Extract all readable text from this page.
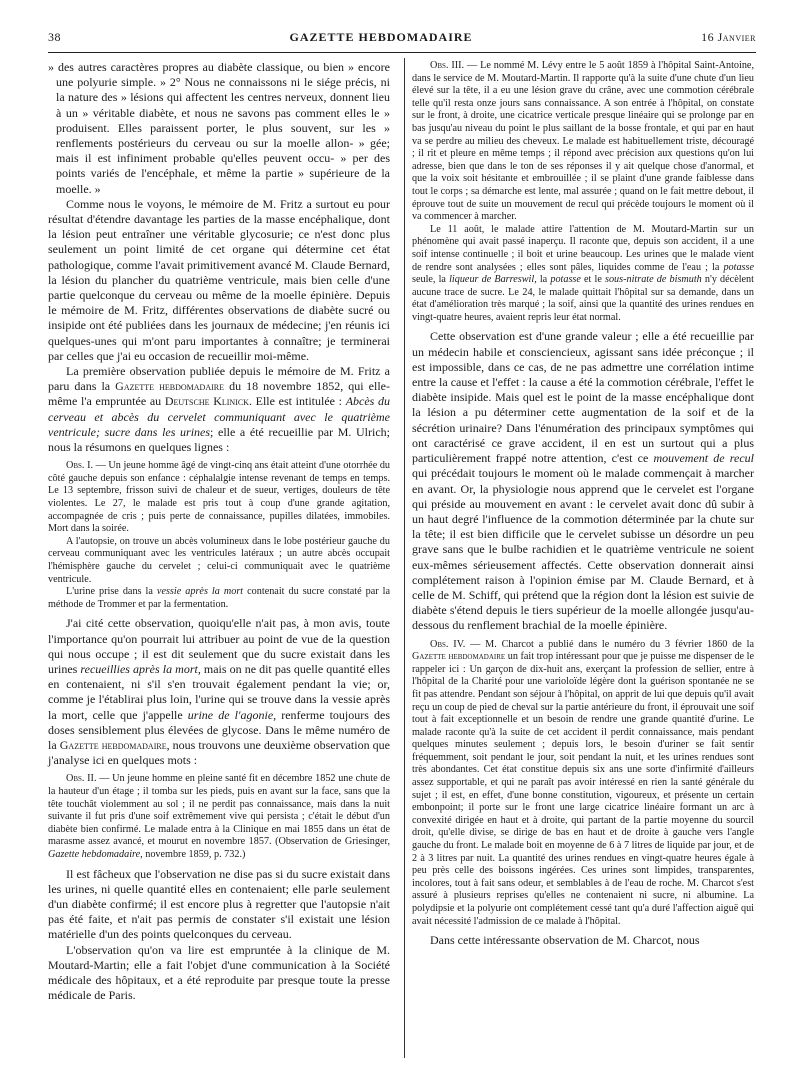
38	GAZETTE HEBDOMADAIRE	16 Janvier

» des autres caractères propres au diabète classique, ou bien » encore une polyurie simple. » 2° Nous ne connaissons ni le siége précis, ni la nature des » lésions qui affectent les centres nerveux, donnent lieu à un » véritable diabète, et nous ne savons pas comment elles le » produisent. Elles paraissent porter, le plus souvent, sur les » renflements postérieurs du cerveau ou sur la moelle allon- » gée; mais il est infiniment probable qu'elles peuvent occu- » per des points variés de l'encéphale, et même la partie » supérieure de la moelle. »

Comme nous le voyons, le mémoire de M. Fritz a surtout eu pour résultat d'étendre davantage les parties de la masse encéphalique, dont la lésion peut entraîner une véritable glycosurie; ce n'est donc plus seulement un point limité de cet organe qui détermine cet état pathologique, comme l'avait primitivement avancé M. Claude Bernard, la lésion du plancher du quatrième ventricule, mais bien celle d'une partie quelconque du cerveau ou même de la moelle épinière. Depuis le mémoire de M. Fritz, différentes observations de diabète sucré ou insipide ont été publiées dans les journaux de médecine; j'en réunis ici quelques-unes qui m'ont paru importantes à connaître; je terminerai par celles que j'ai eu occasion de recueillir moi-même.

La première observation publiée depuis le mémoire de M. Fritz a paru dans la Gazette hebdomadaire du 18 novembre 1852, qui elle-même l'a empruntée au Deutsche Klinick. Elle est intitulée : Abcès du cerveau et abcès du cervelet communiquant avec le quatrième ventricule; sucre dans les urines; elle a été recueillie par M. Ulrich; nous la résumons en quelques lignes :

Obs. I. — Un jeune homme âgé de vingt-cinq ans était atteint d'une otorrhée du côté gauche depuis son enfance : céphalalgie intense revenant de temps en temps. Le 13 septembre, frisson suivi de chaleur et de sueur, vertiges, douleurs de tête violentes. Le 27, le malade est pris tout à coup d'une grande agitation, accompagnée de cris ; puis perte de connaissance, pupilles dilatées, immobiles. Mort dans la soirée.

A l'autopsie, on trouve un abcès volumineux dans le lobe postérieur gauche du cerveau communiquant avec les ventricules latéraux ; un autre abcès occupait l'hémisphère gauche du cervelet ; celui-ci communiquait avec le quatrième ventricule.

L'urine prise dans la vessie après la mort contenait du sucre constaté par la méthode de Trommer et par la fermentation.

J'ai cité cette observation, quoiqu'elle n'ait pas, à mon avis, toute l'importance qu'on pourrait lui attribuer au point de vue de la question qui nous occupe ; il est dit seulement que du sucre existait dans les urines recueillies après la mort, mais on ne dit pas quelle quantité elles en contenaient, ni s'il s'en trouvait également pendant la vie; or, comme je l'établirai plus loin, l'urine qui se trouve dans la vessie après la mort, celle que j'appelle urine de l'agonie, renferme toujours des doses sensiblement plus élevées de glycose. Dans le même numéro de la Gazette hebdomadaire, nous trouvons une deuxième observation que j'analyse ici en quelques mots :

Obs. II. — Un jeune homme en pleine santé fit en décembre 1852 une chute de la hauteur d'un étage ; il tomba sur les pieds, puis en avant sur la face, sans que la tête touchât violemment au sol ; il ne perdit pas connaissance, mais dans la nuit suivante il fut pris d'une soif extrêmement vive qui persista ; c'était le début d'un diabète bien confirmé. Le malade entra à la Clinique en mai 1855 dans un état de marasme assez avancé, et mourut en novembre 1857. (Observation de Griesinger, Gazette hebdomadaire, novembre 1859, p. 732.)

Il est fâcheux que l'observation ne dise pas si du sucre existait dans les urines, ni quelle quantité elles en contenaient; elle parle seulement d'un diabète confirmé; il est encore plus à regretter que l'autopsie n'ait pas été faite, et n'ait pas permis de constater s'il existait une lésion matérielle d'un des points quelconques du cerveau.

L'observation qu'on va lire est empruntée à la clinique de M. Moutard-Martin; elle a fait l'objet d'une communication à la Société médicale des hôpitaux, et a été reproduite par presque toute la presse médicale de Paris.

Obs. III. — Le nommé M. Lévy entre le 5 août 1859 à l'hôpital Saint-Antoine, dans le service de M. Moutard-Martin. Il rapporte qu'à la suite d'une chute d'un lieu élevé sur la tête, il a eu une lésion grave du crâne, avec une commotion cérébrale telle qu'il resta onze jours sans connaissance. A son entrée à l'hôpital, on constate sur le front, à droite, une cicatrice verticale presque linéaire qui se prolonge par en bas jusqu'au niveau du point le plus saillant de la bosse frontale, et qui par en haut va se perdre au milieu des cheveux. Le malade est habituellement triste, découragé ; il rit et pleure en même temps ; il répond avec précision aux questions qu'on lui adresse, bien que dans le ton de ses réponses il y ait quelque chose d'anormal, et que la voix soit hésitante et embrouillée ; il se plaint d'une grande faiblesse dans tout le corps ; sa démarche est lente, mal assurée ; quand on le fait mettre debout, il éprouve tout de suite un mouvement de recul qui précède toujours le moment où il va commencer à marcher.

Le 11 août, le malade attire l'attention de M. Moutard-Martin sur un phénomène qui avait passé inaperçu. Il raconte que, depuis son accident, il a une soif intense continuelle ; il boit et urine beaucoup. Les urines que le malade vient de rendre sont analysées ; elles sont pâles, liquides comme de l'eau ; la potasse seule, la liqueur de Barreswil, la potasse et le sous-nitrate de bismuth n'y décèlent aucune trace de sucre. Le 24, le malade quittait l'hôpital sur sa demande, dans un état d'amélioration très marqué ; la soif, ainsi que la quantité des urines rendues en vingt-quatre heures, avaient repris leur état normal.

Cette observation est d'une grande valeur ; elle a été recueillie par un médecin habile et consciencieux, agissant sans idée préconçue ; il est impossible, dans ce cas, de ne pas admettre une corrélation intime entre la cause et l'effet : la cause a été la commotion cérébrale, l'effet le diabète insipide. Mais quel est le point de la masse encéphalique dont la lésion a pu déterminer cette augmentation de la soif et de la sécrétion urinaire? Dans l'énumération des principaux symptômes qui ont caractérisé ce grave accident, il en est un surtout qui a plus particulièrement frappé notre attention, c'est ce mouvement de recul qui précédait toujours le moment où le malade commençait à marcher en avant. Or, la physiologie nous apprend que le cervelet est l'organe qui préside au mouvement en avant : le cervelet avait donc dû subir à un haut degré l'influence de la commotion déterminée par la chute sur la tête; il est bien difficile que le cervelet subisse un désordre un peu grave sans que le bulbe rachidien et le quatrième ventricule ne soient eux-mêmes sérieusement affectés. Cette observation donnerait ainsi complétement raison à l'opinion émise par M. Claude Bernard, et à celle de M. Schiff, qui prétend que la région dont la lésion est suivie de diabète s'étend depuis le tiers supérieur de la moelle allongée jusqu'au-dessous du renflement brachial de la moelle épinière.

Obs. IV. — M. Charcot a publié dans le numéro du 3 février 1860 de la Gazette hebdomadaire un fait trop intéressant pour que je puisse me dispenser de le rappeler ici : Un garçon de dix-huit ans, exerçant la profession de sellier, entre à l'hôpital de la Charité pour une varioloïde légère dont la guérison spontanée ne se fit pas attendre. Pendant son séjour à l'hôpital, on apprit de lui que depuis qu'il avait reçu un coup de pied de cheval sur la partie antérieure du front, il éprouvait une soif tout à fait exceptionnelle et un besoin de rendre une grande quantité d'urine. Le malade raconte qu'à la suite de cet accident il perdit connaissance, mais pendant quelques minutes seulement ; depuis lors, le besoin d'uriner se fait sentir fréquemment, soit pendant le jour, soit pendant la nuit, et les urines rendues sont très abondantes. Cet état constitue depuis six ans une sorte d'infirmité d'ailleurs assez supportable, et qui ne paraît pas avoir intéressé en rien la santé générale du sujet ; il est, en effet, d'une bonne constitution, vigoureux, et présente un certain embonpoint; il porte sur le front une large cicatrice linéaire formant un arc à convexité dirigée en haut et à droite, qui partant de la partie moyenne du sourcil droit, qu'elle divise, se dirige de bas en haut et de droite à gauche vers l'angle gauche du front. Le malade boit en moyenne de 6 à 7 litres de liquide par jour, et de 2 à 3 litres par nuit. La quantité des urines rendues en vingt-quatre heures égale à peu près celle des boissons ingérées. Ces urines sont limpides, transparentes, incolores, tout à fait sans odeur, et semblables à de l'eau de roche. M. Charcot s'est assuré à plusieurs reprises qu'elles ne contenaient ni sucre, ni albumine. La polydipsie et la polyurie ont complétement cessé tant qu'a duré l'affection aiguë qui avait nécessité l'admission de ce malade à l'hôpital.

Dans cette intéressante observation de M. Charcot, nous
